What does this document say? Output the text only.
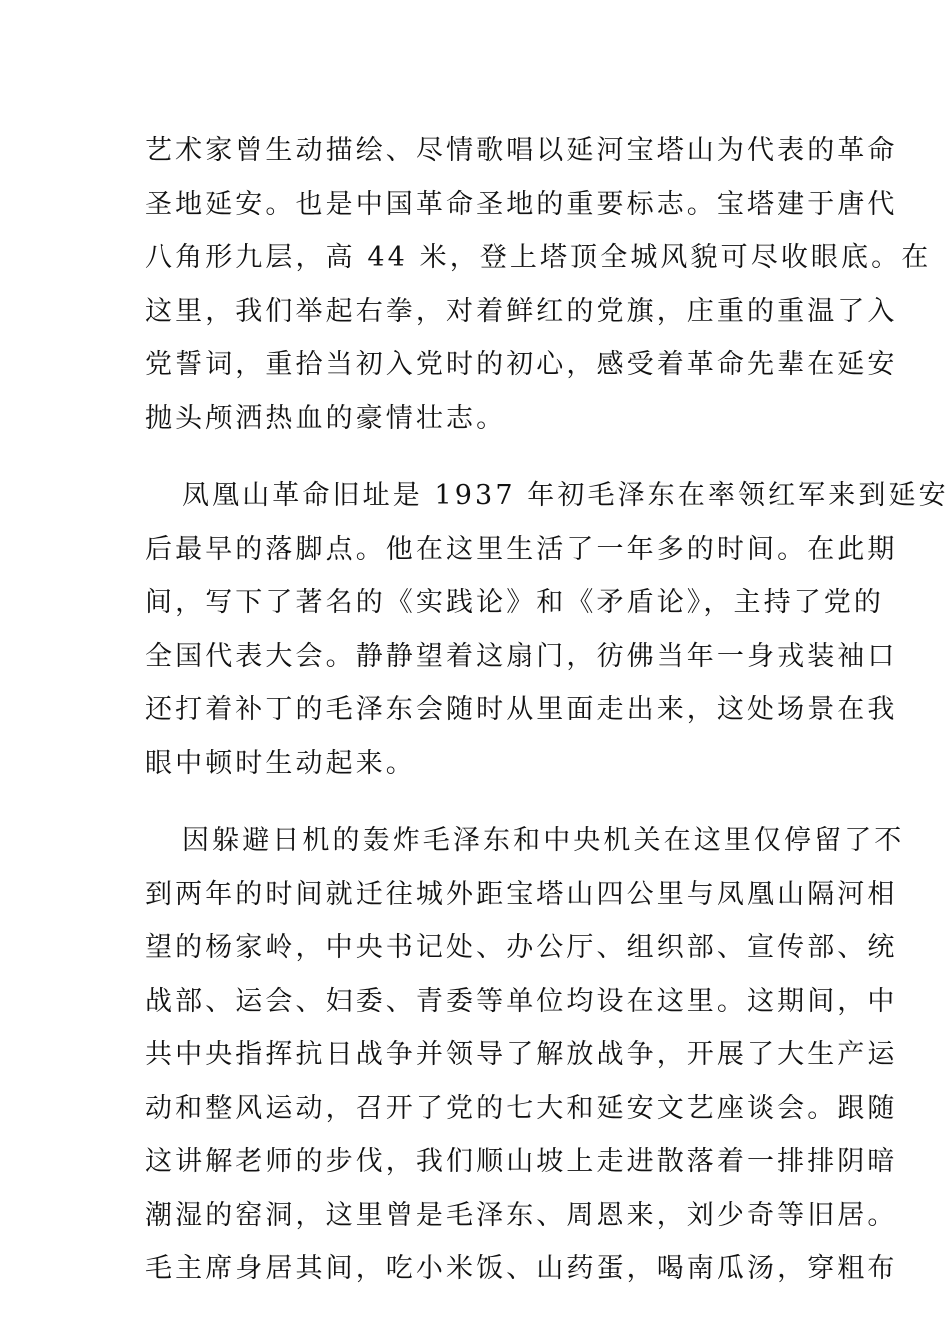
艺术家曾生动描绘、尽情歌唱以延河宝塔山为代表的革命
圣地延安。也是中国革命圣地的重要标志。宝塔建于唐代
八角形九层，高 44 米，登上塔顶全城风貌可尽收眼底。在
这里，我们举起右拳，对着鲜红的党旗，庄重的重温了入
党誓词，重拾当初入党时的初心，感受着革命先辈在延安
抛头颅洒热血的豪情壮志。
凤凰山革命旧址是 1937 年初毛泽东在率领红军来到延安
后最早的落脚点。他在这里生活了一年多的时间。在此期
间，写下了著名的《实践论》和《矛盾论》，主持了党的
全国代表大会。静静望着这扇门，彷佛当年一身戎装袖口
还打着补丁的毛泽东会随时从里面走出来，这处场景在我
眼中顿时生动起来。
因躲避日机的轰炸毛泽东和中央机关在这里仅停留了不
到两年的时间就迁往城外距宝塔山四公里与凤凰山隔河相
望的杨家岭，中央书记处、办公厅、组织部、宣传部、统
战部、运会、妇委、青委等单位均设在这里。这期间，中
共中央指挥抗日战争并领导了解放战争，开展了大生产运
动和整风运动，召开了党的七大和延安文艺座谈会。跟随
这讲解老师的步伐，我们顺山坡上走进散落着一排排阴暗
潮湿的窑洞，这里曾是毛泽东、周恩来，刘少奇等旧居。
毛主席身居其间，吃小米饭、山药蛋，喝南瓜汤，穿粗布
